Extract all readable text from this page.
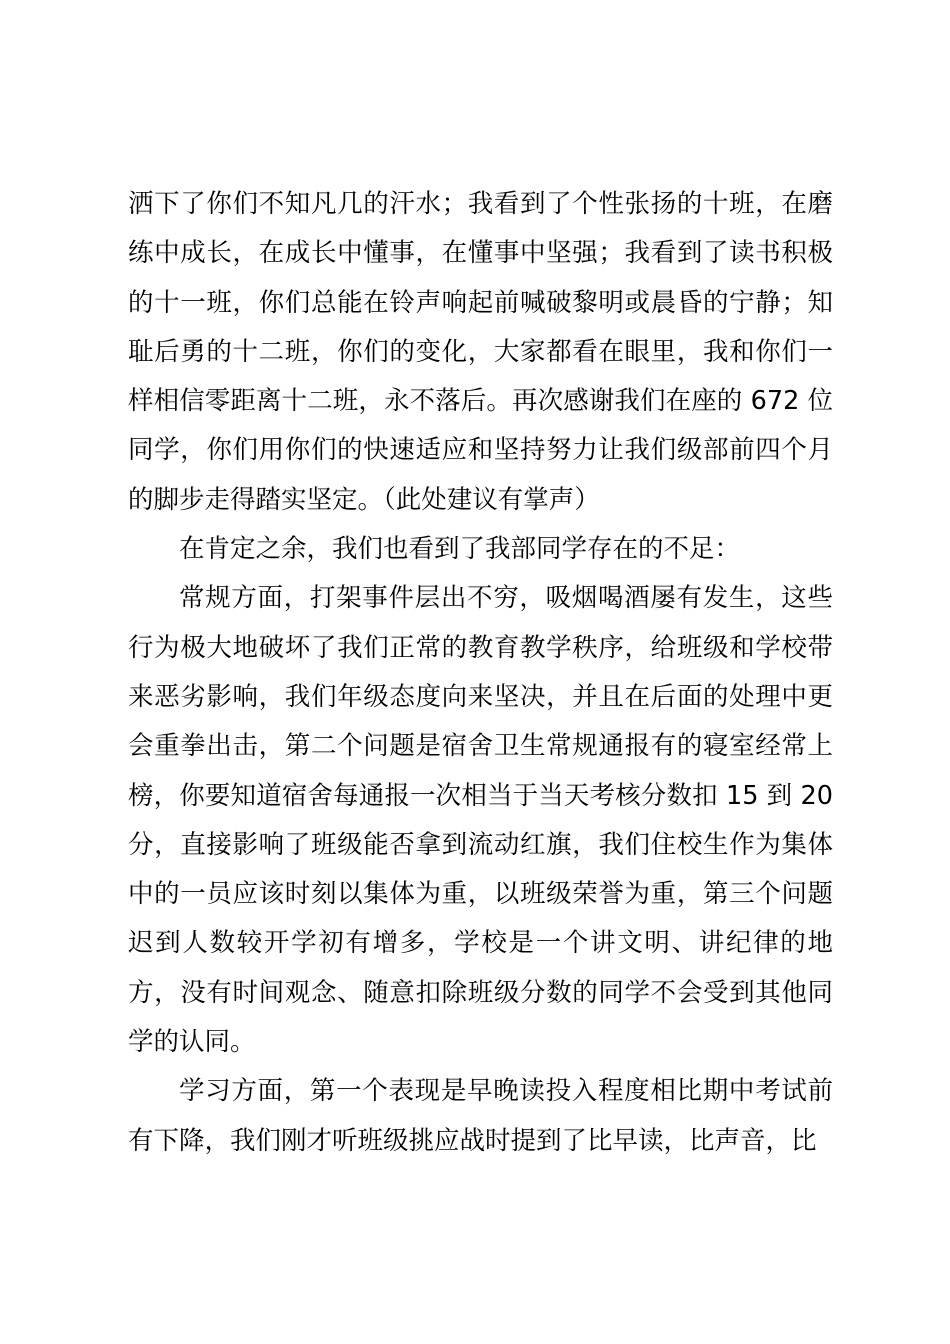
洒下了你们不知凡几的汗水；我看到了个性张扬的十班，在磨练中成长，在成长中懂事，在懂事中坚强；我看到了读书积极的十一班，你们总能在铃声响起前喊破黎明或晨昏的宁静；知耻后勇的十二班，你们的变化，大家都看在眼里，我和你们一样相信零距离十二班，永不落后。再次感谢我们在座的 672 位同学，你们用你们的快速适应和坚持努力让我们级部前四个月的脚步走得踏实坚定。（此处建议有掌声）

在肯定之余，我们也看到了我部同学存在的不足：

常规方面，打架事件层出不穷，吸烟喝酒屡有发生，这些行为极大地破坏了我们正常的教育教学秩序，给班级和学校带来恶劣影响，我们年级态度向来坚决，并且在后面的处理中更会重拳出击，第二个问题是宿舍卫生常规通报有的寝室经常上榜，你要知道宿舍每通报一次相当于当天考核分数扣 15 到 20 分，直接影响了班级能否拿到流动红旗，我们住校生作为集体中的一员应该时刻以集体为重，以班级荣誉为重，第三个问题迟到人数较开学初有增多，学校是一个讲文明、讲纪律的地方，没有时间观念、随意扣除班级分数的同学不会受到其他同学的认同。

学习方面，第一个表现是早晚读投入程度相比期中考试前有下降，我们刚才听班级挑应战时提到了比早读，比声音，比
